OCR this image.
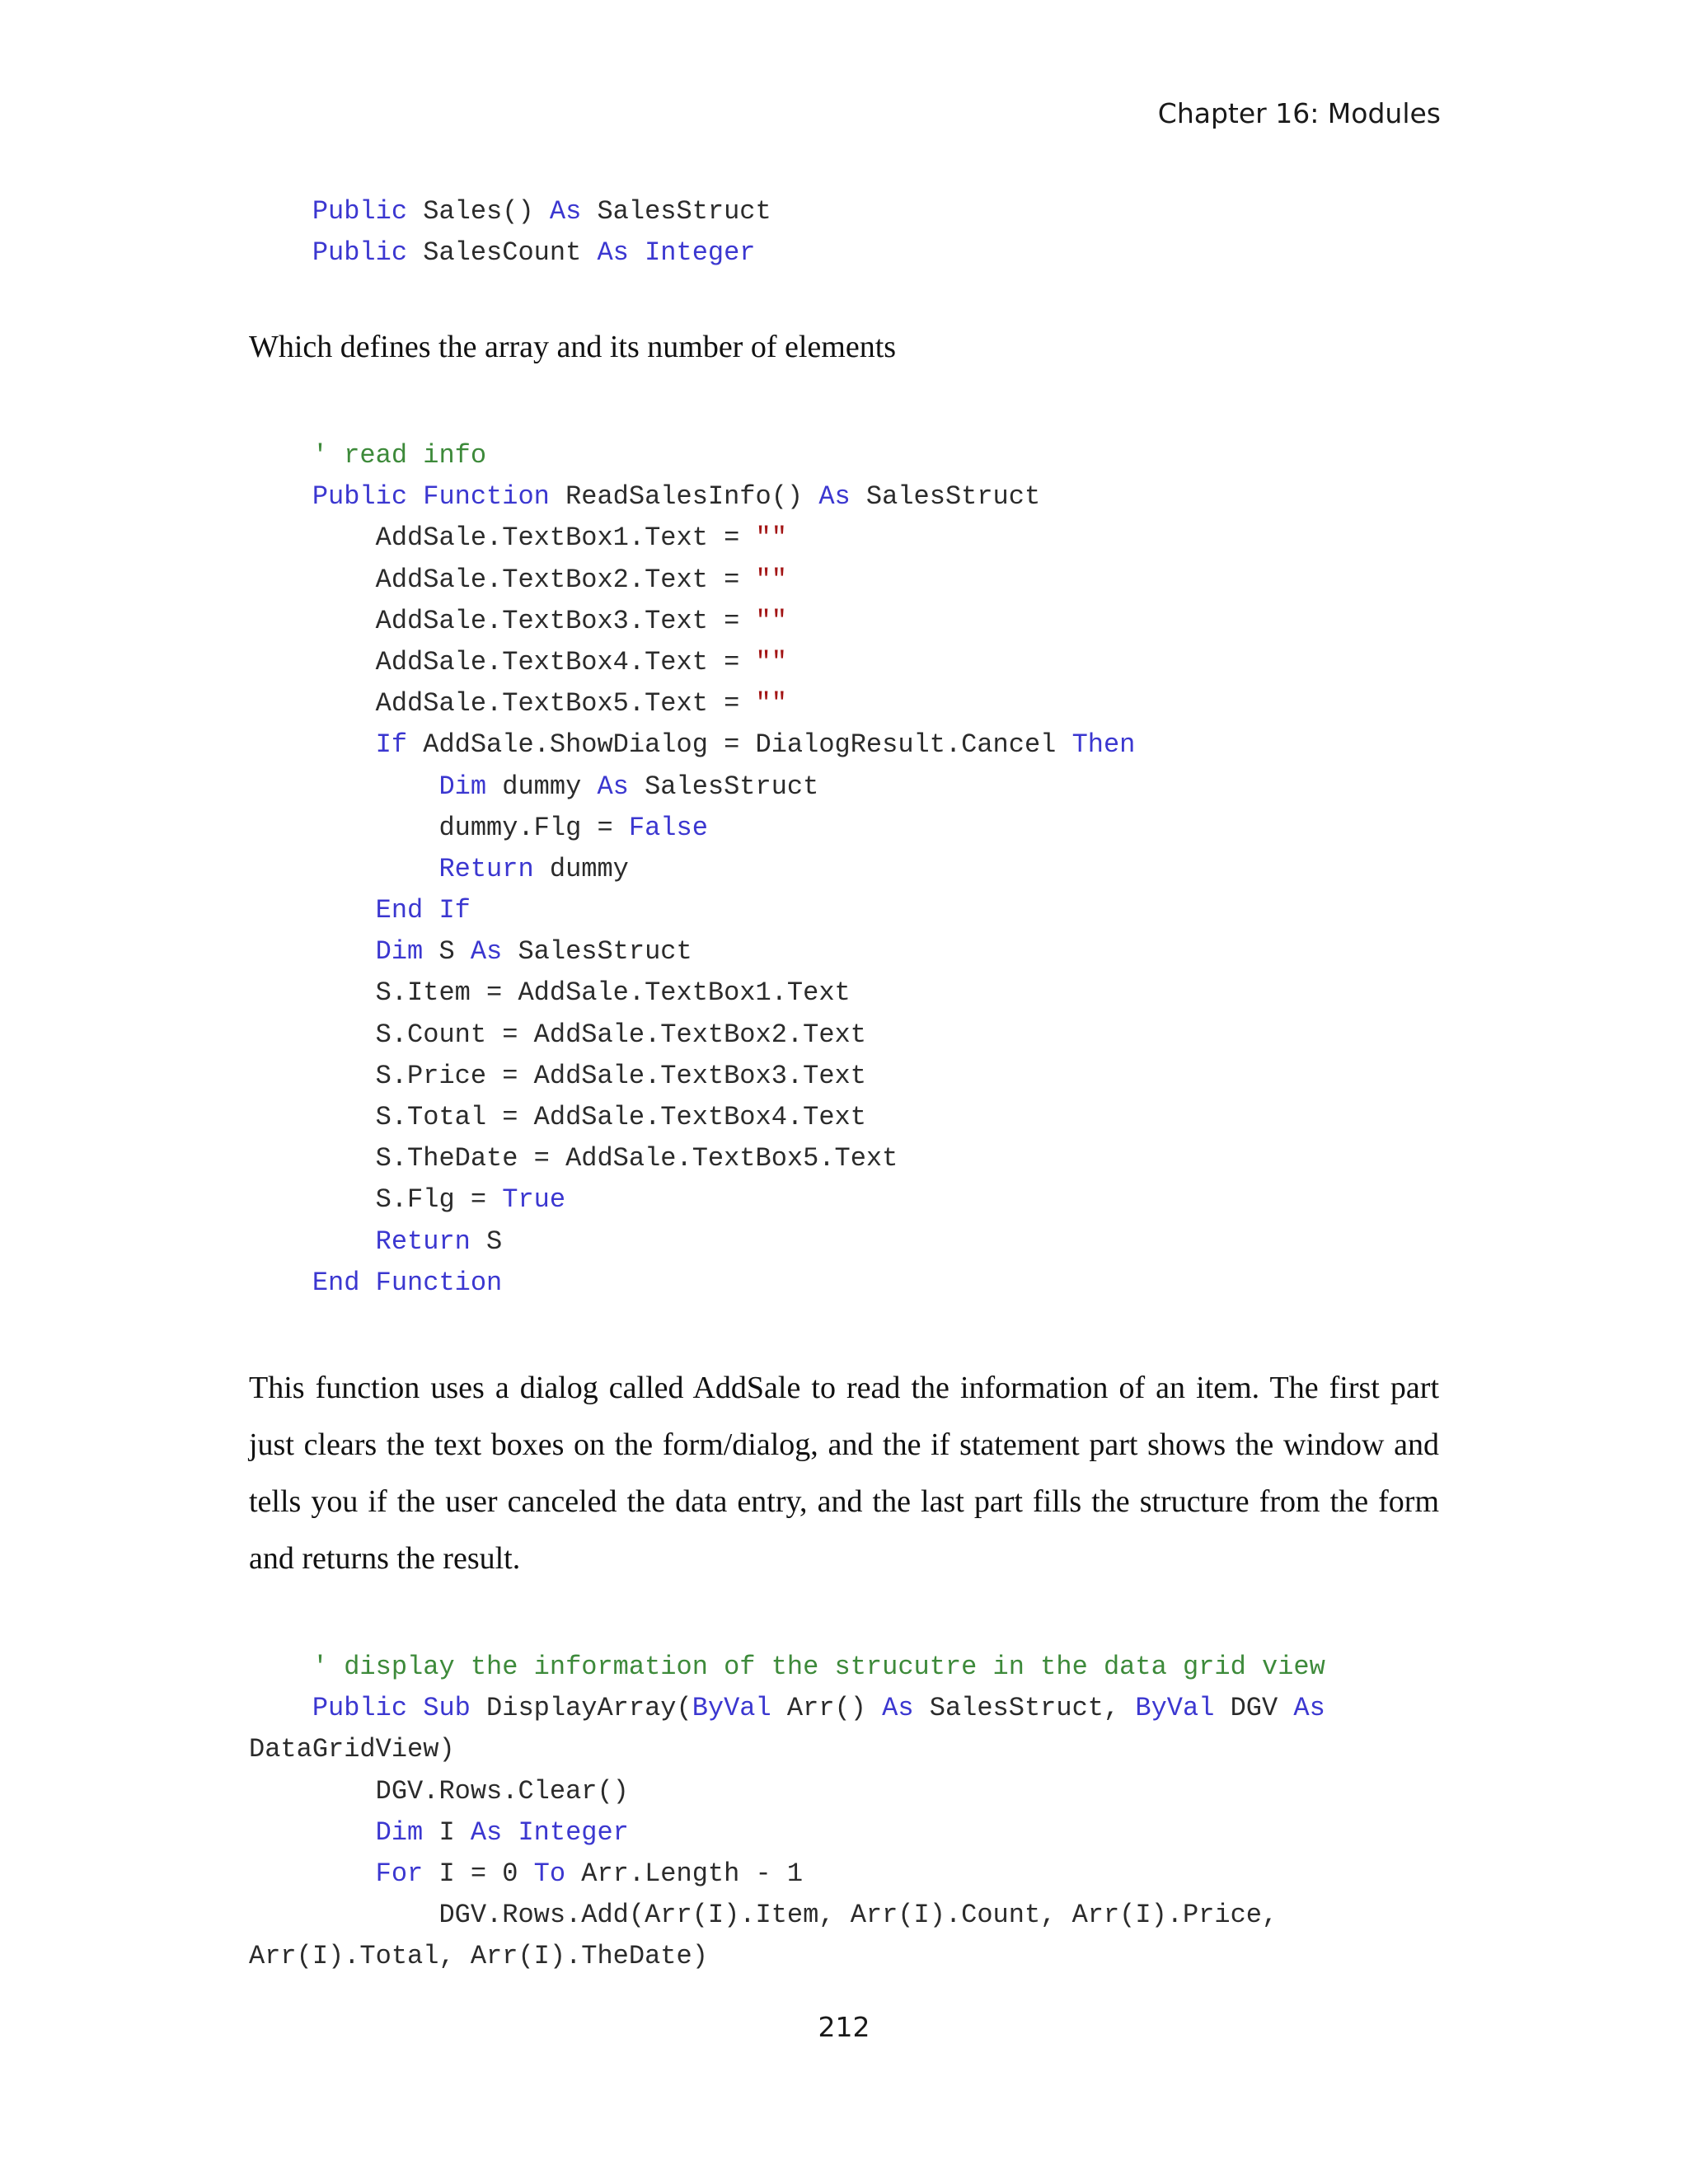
Chapter 16: Modules
Public Sales() As SalesStruct
Public SalesCount As Integer

Which defines the array and its number of elements

' read info
Public Function ReadSalesInfo() As SalesStruct
AddSale.TextBox1.Text = ""
AddSale.TextBox2.Text = ""
AddSale.TextBox3.Text = ""
AddSale.TextBox4.Text = ""
AddSale.TextBox5.Text = ""
If AddSale.ShowDialog = DialogResult.Cancel Then
Dim dummy As SalesStruct
dummy.Flg = False
Return dummy
End If
Dim S As SalesStruct
S.Item = AddSale.TextBox1.Text
S.Count = AddSale.TextBox2.Text
S.Price = AddSale.TextBox3.Text
S.Total = AddSale.TextBox4.Text
S.TheDate = AddSale.TextBox5.Text
S.Flg = True
Return S
End Function

This function uses a dialog called AddSale to read the information of an item. The first part just clears the text boxes on the form/dialog, and the if statement part shows the window and tells you if the user canceled the data entry, and the last part fills the structure from the form and returns the result.

' display the information of the strucutre in the data grid view
Public Sub DisplayArray(ByVal Arr() As SalesStruct, ByVal DGV As
DataGridView)
DGV.Rows.Clear()
Dim I As Integer
For I = 0 To Arr.Length - 1
DGV.Rows.Add(Arr(I).Item, Arr(I).Count, Arr(I).Price,
Arr(I).Total, Arr(I).TheDate)
212
